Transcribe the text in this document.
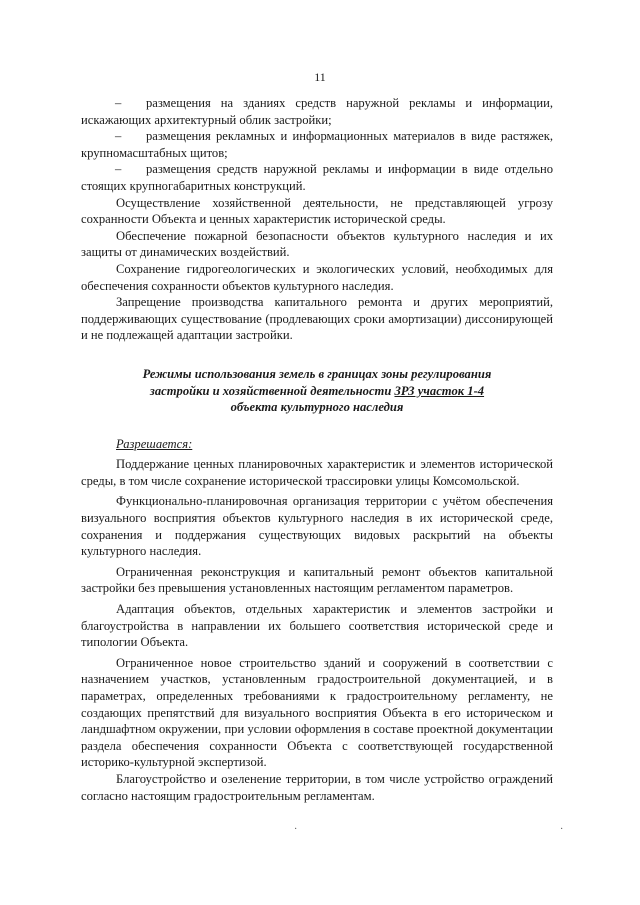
11

– размещения на зданиях средств наружной рекламы и информации, искажающих архитектурный облик застройки;

– размещения рекламных и информационных материалов в виде растяжек, крупномасштабных щитов;

– размещения средств наружной рекламы и информации в виде отдельно стоящих крупногабаритных конструкций.

Осуществление хозяйственной деятельности, не представляющей угрозу сохранности Объекта и ценных характеристик исторической среды.

Обеспечение пожарной безопасности объектов культурного наследия и их защиты от динамических воздействий.

Сохранение гидрогеологических и экологических условий, необходимых для обеспечения сохранности объектов культурного наследия.

Запрещение производства капитального ремонта и других мероприятий, поддерживающих существование (продлевающих сроки амортизации) диссонирующей и не подлежащей адаптации застройки.

Режимы использования земель в границах зоны регулирования
застройки и хозяйственной деятельности ЗРЗ участок 1-4
объекта культурного наследия

Разрешается:

Поддержание ценных планировочных характеристик и элементов исторической среды, в том числе сохранение исторической трассировки улицы Комсомольской.

Функционально-планировочная организация территории с учётом обеспечения визуального восприятия объектов культурного наследия в их исторической среде, сохранения и поддержания существующих видовых раскрытий на объекты культурного наследия.

Ограниченная реконструкция и капитальный ремонт объектов капитальной застройки без превышения установленных настоящим регламентом параметров.

Адаптация объектов, отдельных характеристик и элементов застройки и благоустройства в направлении их большего соответствия исторической среде и типологии Объекта.

Ограниченное новое строительство зданий и сооружений в соответствии с назначением участков, установленным градостроительной документацией, и в параметрах, определенных требованиями к градостроительному регламенту, не создающих препятствий для визуального восприятия Объекта в его историческом и ландшафтном окружении, при условии оформления в составе проектной документации раздела обеспечения сохранности Объекта с соответствующей государственной историко-культурной экспертизой.

Благоустройство и озеленение территории, в том числе устройство ограждений согласно настоящим градостроительным регламентам.

·	·
